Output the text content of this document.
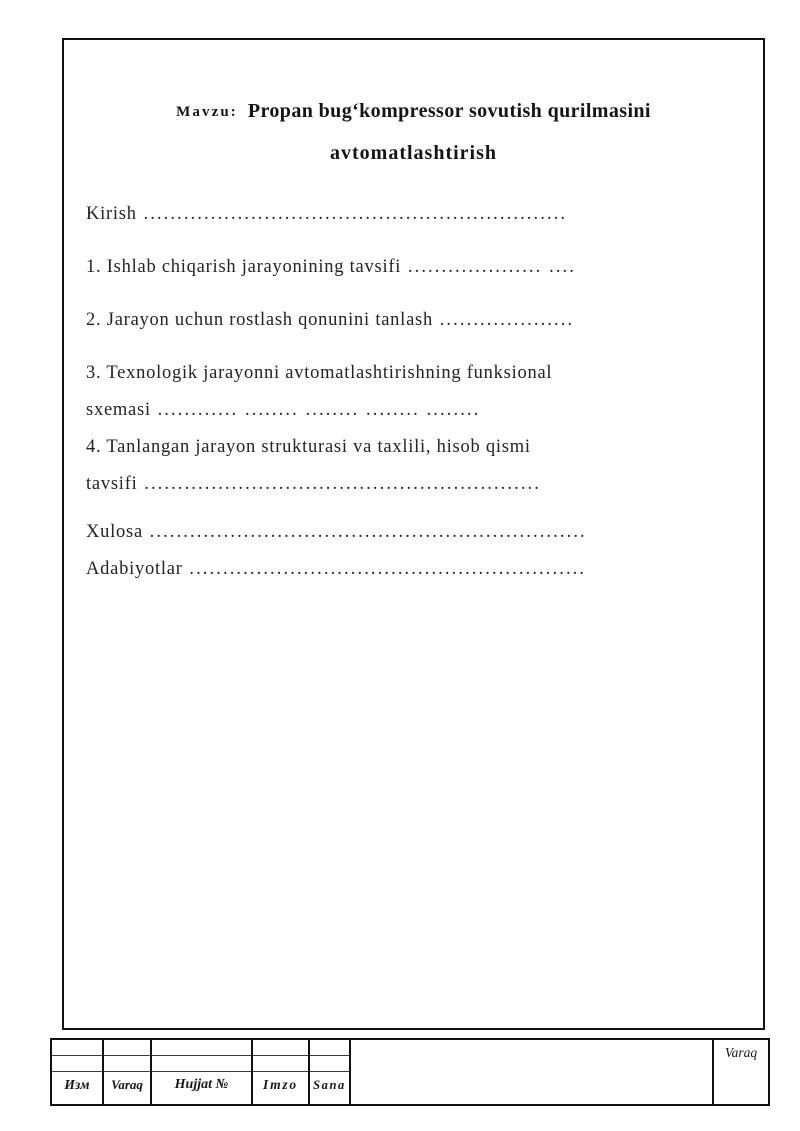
Mavzu: Propan bug‘kompressor sovutish qurilmasini
avtomatlashtirish
Kirish ...............................................................
1. Ishlab chiqarish jarayonining tavsifi .................... ....
2. Jarayon uchun rostlash qonunini tanlash ....................
3. Texnologik jarayonni avtomatlashtirishning funksional
sxemasi ............ ........ ........ ........ ........
4. Tanlangan jarayon strukturasi va taxlili, hisob qismi
tavsifi ...........................................................
Xulosa .................................................................
Adabiyotlar ...........................................................
Изм	Varaq	Hujjat №	Imzo	Sana
Varaq
